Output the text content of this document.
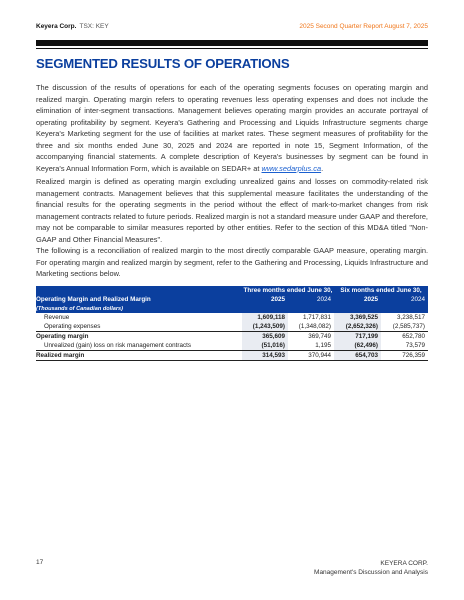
Keyera Corp. TSX: KEY	2025 Second Quarter Report August 7, 2025
SEGMENTED RESULTS OF OPERATIONS

The discussion of the results of operations for each of the operating segments focuses on operating margin and realized margin. Operating margin refers to operating revenues less operating expenses and does not include the elimination of inter-segment transactions. Management believes operating margin provides an accurate portrayal of operating profitability by segment. Keyera's Gathering and Processing and Liquids Infrastructure segments charge Keyera's Marketing segment for the use of facilities at market rates. These segment measures of profitability for the three and six months ended June 30, 2025 and 2024 are reported in note 15, Segment Information, of the accompanying financial statements. A complete description of Keyera's businesses by segment can be found in Keyera's Annual Information Form, which is available on SEDAR+ at www.sedarplus.ca.

Realized margin is defined as operating margin excluding unrealized gains and losses on commodity-related risk management contracts. Management believes that this supplemental measure facilitates the understanding of the financial results for the operating segments in the period without the effect of mark-to-market changes from risk management contracts related to future periods. Realized margin is not a standard measure under GAAP and therefore, may not be comparable to similar measures reported by other entities. Refer to the section of this MD&A titled "Non-GAAP and Other Financial Measures".

The following is a reconciliation of realized margin to the most directly comparable GAAP measure, operating margin. For operating margin and realized margin by segment, refer to the Gathering and Processing, Liquids Infrastructure and Marketing sections below.

	Three months ended June 30,		Six months ended June 30,	
Operating Margin and Realized Margin	2025	2024	2025	2024
(Thousands of Canadian dollars)				
Revenue	1,609,118	1,717,831	3,369,525	3,238,517
Operating expenses	(1,243,509)	(1,348,082)	(2,652,326)	(2,585,737)
Operating margin	365,609	369,749	717,199	652,780
Unrealized (gain) loss on risk management contracts	(51,016)	1,195	(62,496)	73,579
Realized margin	314,593	370,944	654,703	726,359
17	KEYERA CORP.
Management's Discussion and Analysis
